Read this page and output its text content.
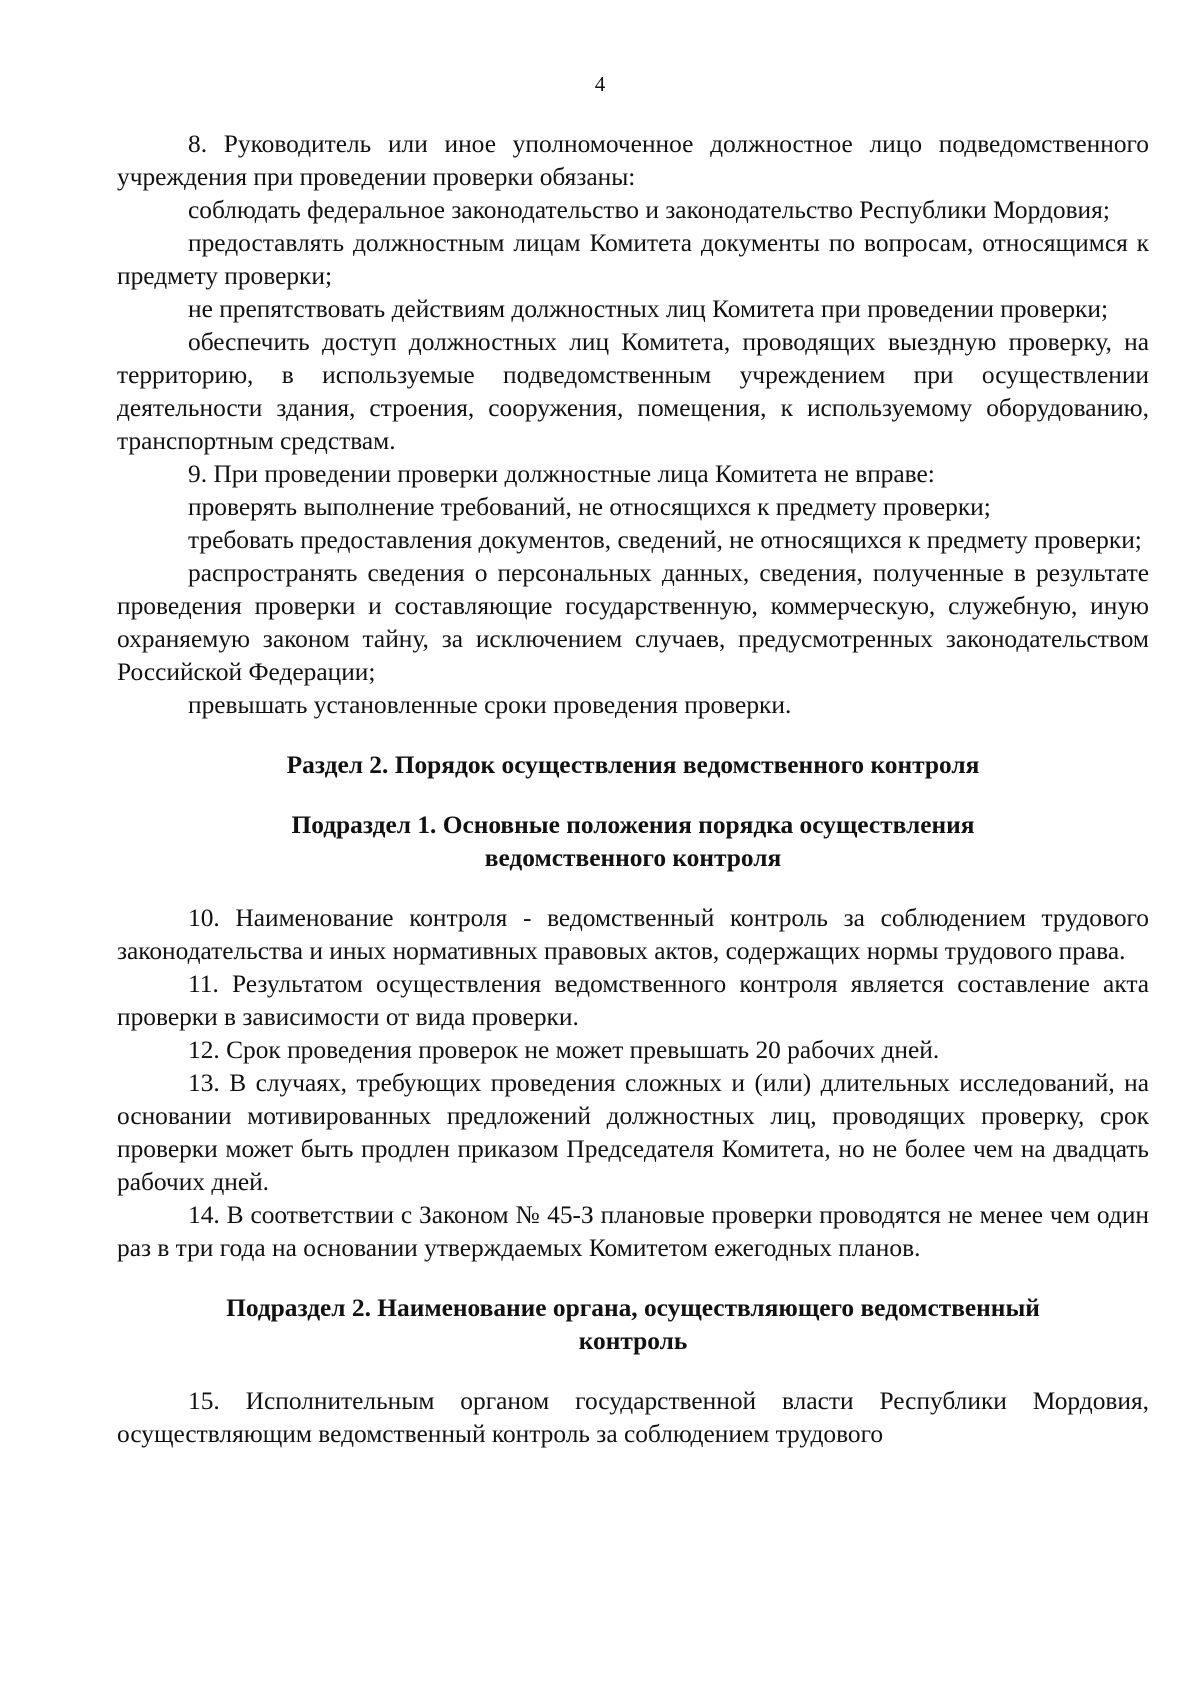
4

8. Руководитель или иное уполномоченное должностное лицо подведомственного учреждения при проведении проверки обязаны:

соблюдать федеральное законодательство и законодательство Республики Мордовия;

предоставлять должностным лицам Комитета документы по вопросам, относящимся к предмету проверки;

не препятствовать действиям должностных лиц Комитета при проведении проверки;

обеспечить доступ должностных лиц Комитета, проводящих выездную проверку, на территорию, в используемые подведомственным учреждением при осуществлении деятельности здания, строения, сооружения, помещения, к используемому оборудованию, транспортным средствам.

9. При проведении проверки должностные лица Комитета не вправе:

проверять выполнение требований, не относящихся к предмету проверки;

требовать предоставления документов, сведений, не относящихся к предмету проверки;

распространять сведения о персональных данных, сведения, полученные в результате проведения проверки и составляющие государственную, коммерческую, служебную, иную охраняемую законом тайну, за исключением случаев, предусмотренных законодательством Российской Федерации;

превышать установленные сроки проведения проверки.

Раздел 2. Порядок осуществления ведомственного контроля

Подраздел 1. Основные положения порядка осуществления ведомственного контроля

10. Наименование контроля - ведомственный контроль за соблюдением трудового законодательства и иных нормативных правовых актов, содержащих нормы трудового права.

11. Результатом осуществления ведомственного контроля является составление акта проверки в зависимости от вида проверки.

12. Срок проведения проверок не может превышать 20 рабочих дней.

13. В случаях, требующих проведения сложных и (или) длительных исследований, на основании мотивированных предложений должностных лиц, проводящих проверку, срок проверки может быть продлен приказом Председателя Комитета, но не более чем на двадцать рабочих дней.

14. В соответствии с Законом № 45-З плановые проверки проводятся не менее чем один раз в три года на основании утверждаемых Комитетом ежегодных планов.

Подраздел 2. Наименование органа, осуществляющего ведомственный контроль

15. Исполнительным органом государственной власти Республики Мордовия, осуществляющим ведомственный контроль за соблюдением трудового
